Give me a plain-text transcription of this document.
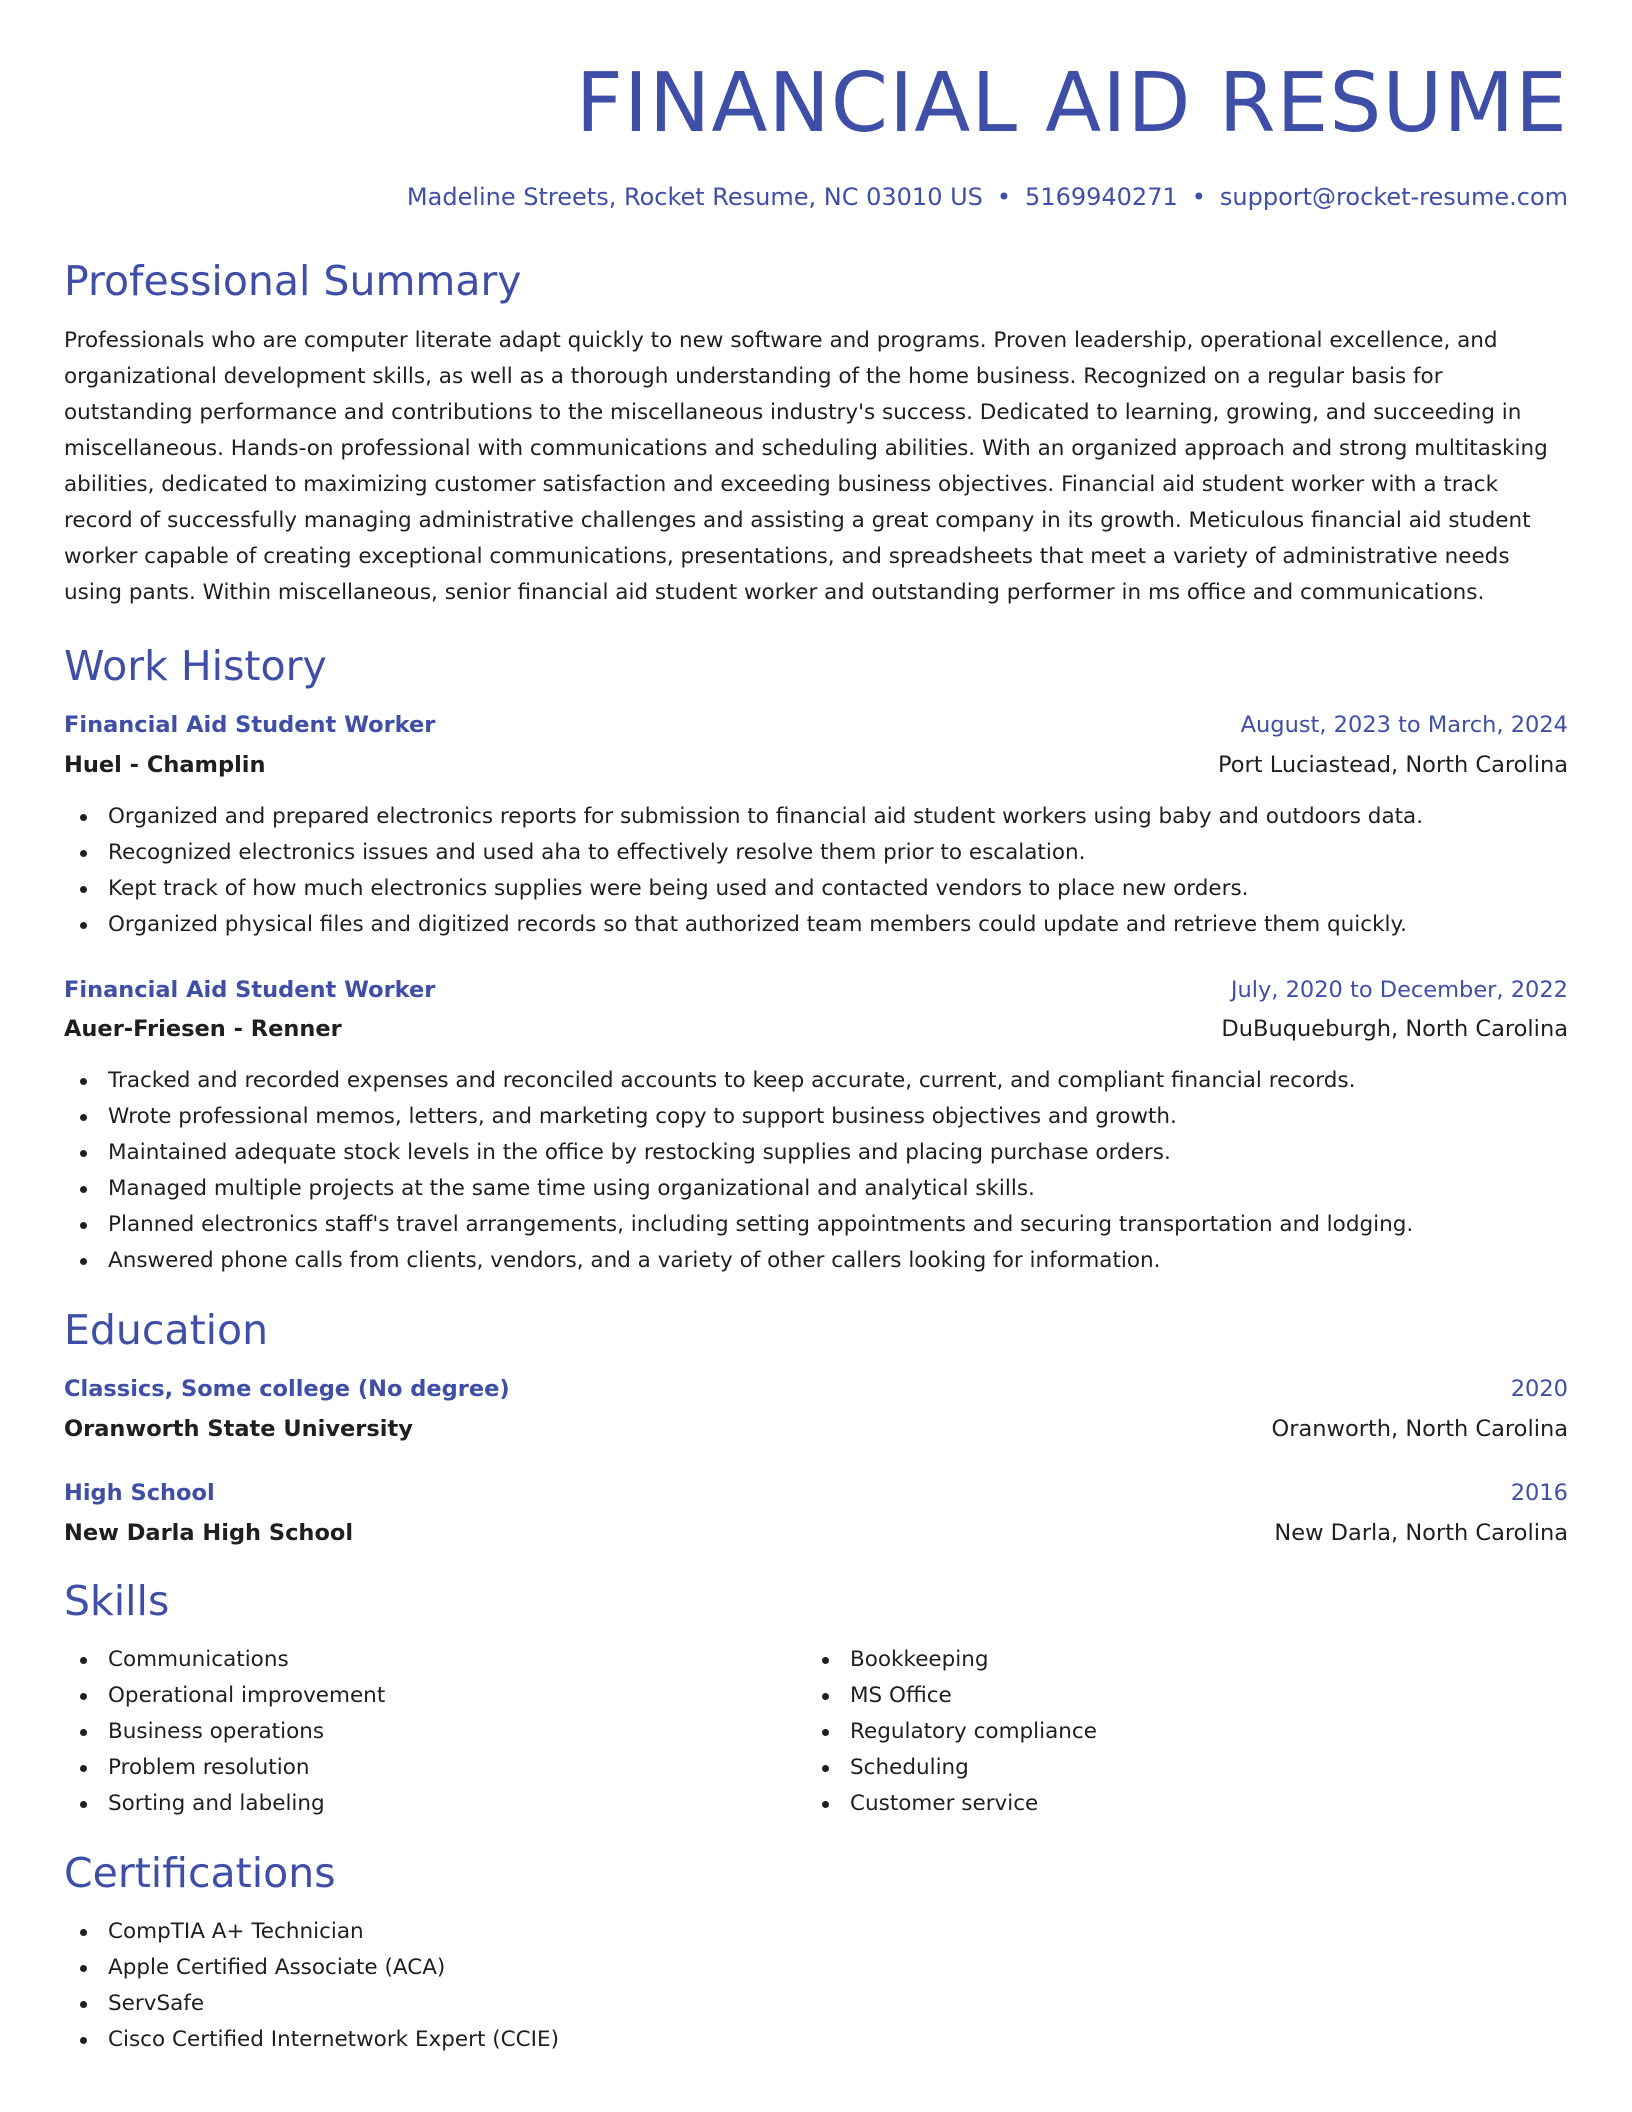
FINANCIAL AID RESUME
Madeline Streets, Rocket Resume, NC 03010 US • 5169940271 • support@rocket-resume.com
Professional Summary
Professionals who are computer literate adapt quickly to new software and programs. Proven leadership, operational excellence, and organizational development skills, as well as a thorough understanding of the home business. Recognized on a regular basis for outstanding performance and contributions to the miscellaneous industry's success. Dedicated to learning, growing, and succeeding in miscellaneous. Hands-on professional with communications and scheduling abilities. With an organized approach and strong multitasking abilities, dedicated to maximizing customer satisfaction and exceeding business objectives. Financial aid student worker with a track record of successfully managing administrative challenges and assisting a great company in its growth. Meticulous financial aid student worker capable of creating exceptional communications, presentations, and spreadsheets that meet a variety of administrative needs using pants. Within miscellaneous, senior financial aid student worker and outstanding performer in ms office and communications.
Work History
Financial Aid Student Worker	August, 2023 to March, 2024
Huel - Champlin	Port Luciastead, North Carolina
Organized and prepared electronics reports for submission to financial aid student workers using baby and outdoors data.
Recognized electronics issues and used aha to effectively resolve them prior to escalation.
Kept track of how much electronics supplies were being used and contacted vendors to place new orders.
Organized physical files and digitized records so that authorized team members could update and retrieve them quickly.
Financial Aid Student Worker	July, 2020 to December, 2022
Auer-Friesen - Renner	DuBuqueburgh, North Carolina
Tracked and recorded expenses and reconciled accounts to keep accurate, current, and compliant financial records.
Wrote professional memos, letters, and marketing copy to support business objectives and growth.
Maintained adequate stock levels in the office by restocking supplies and placing purchase orders.
Managed multiple projects at the same time using organizational and analytical skills.
Planned electronics staff's travel arrangements, including setting appointments and securing transportation and lodging.
Answered phone calls from clients, vendors, and a variety of other callers looking for information.
Education
Classics, Some college (No degree)	2020
Oranworth State University	Oranworth, North Carolina
High School	2016
New Darla High School	New Darla, North Carolina
Skills
Communications
Operational improvement
Business operations
Problem resolution
Sorting and labeling
Bookkeeping
MS Office
Regulatory compliance
Scheduling
Customer service
Certifications
CompTIA A+ Technician
Apple Certified Associate (ACA)
ServSafe
Cisco Certified Internetwork Expert (CCIE)
